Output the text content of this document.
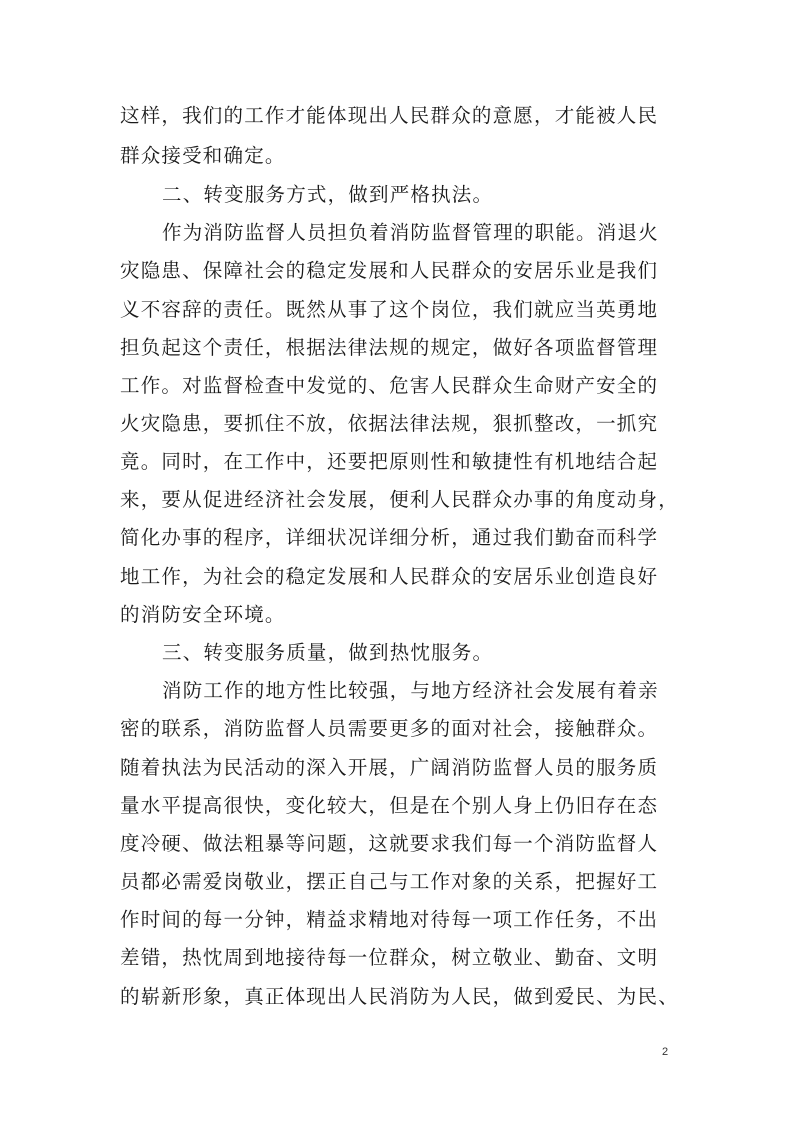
这样，我们的工作才能体现出人民群众的意愿，才能被人民
群众接受和确定。
二、转变服务方式，做到严格执法。
作为消防监督人员担负着消防监督管理的职能。消退火
灾隐患、保障社会的稳定发展和人民群众的安居乐业是我们
义不容辞的责任。既然从事了这个岗位，我们就应当英勇地
担负起这个责任，根据法律法规的规定，做好各项监督管理
工作。对监督检查中发觉的、危害人民群众生命财产安全的
火灾隐患，要抓住不放，依据法律法规，狠抓整改，一抓究
竟。同时，在工作中，还要把原则性和敏捷性有机地结合起
来，要从促进经济社会发展，便利人民群众办事的角度动身，
简化办事的程序，详细状况详细分析，通过我们勤奋而科学
地工作，为社会的稳定发展和人民群众的安居乐业创造良好
的消防安全环境。
三、转变服务质量，做到热忱服务。
消防工作的地方性比较强，与地方经济社会发展有着亲
密的联系，消防监督人员需要更多的面对社会，接触群众。
随着执法为民活动的深入开展，广阔消防监督人员的服务质
量水平提高很快，变化较大，但是在个别人身上仍旧存在态
度冷硬、做法粗暴等问题，这就要求我们每一个消防监督人
员都必需爱岗敬业，摆正自己与工作对象的关系，把握好工
作时间的每一分钟，精益求精地对待每一项工作任务，不出
差错，热忱周到地接待每一位群众，树立敬业、勤奋、文明
的崭新形象，真正体现出人民消防为人民，做到爱民、为民、
2
